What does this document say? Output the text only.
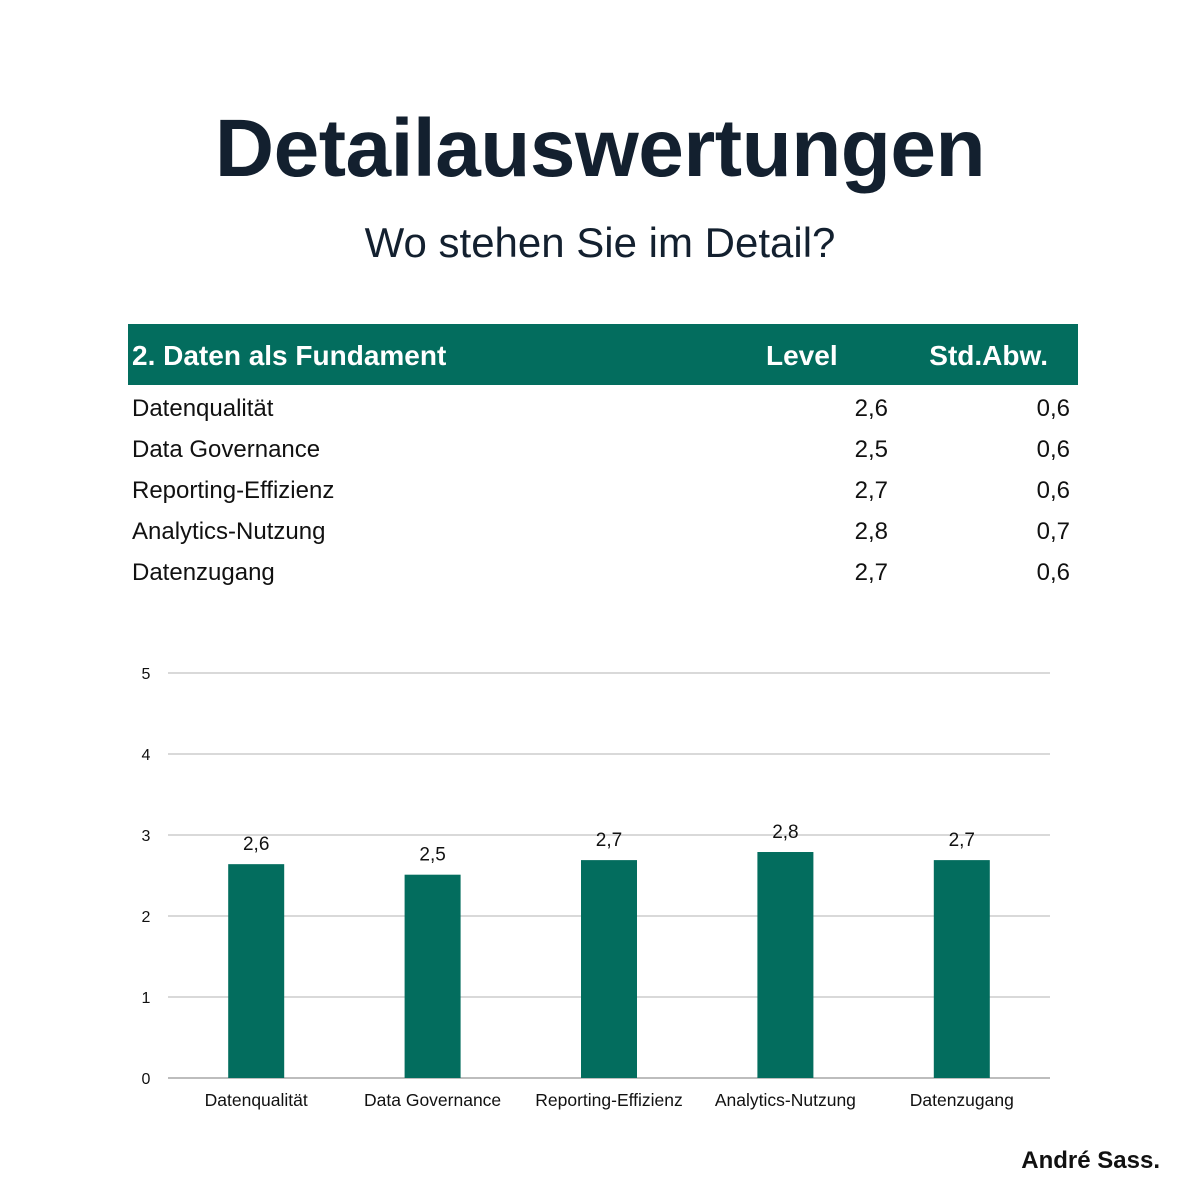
Detailauswertungen
Wo stehen Sie im Detail?
2. Daten als Fundament	Level	Std.Abw.
Datenqualität	2,6	0,6
Data Governance	2,5	0,6
Reporting-Effizienz	2,7	0,6
Analytics-Nutzung	2,8	0,7
Datenzugang	2,7	0,6
0
1
2
3
4
5
2,6
Datenqualität
2,5
Data Governance
2,7
Reporting-Effizienz
2,8
Analytics-Nutzung
2,7
Datenzugang
André Sass.
